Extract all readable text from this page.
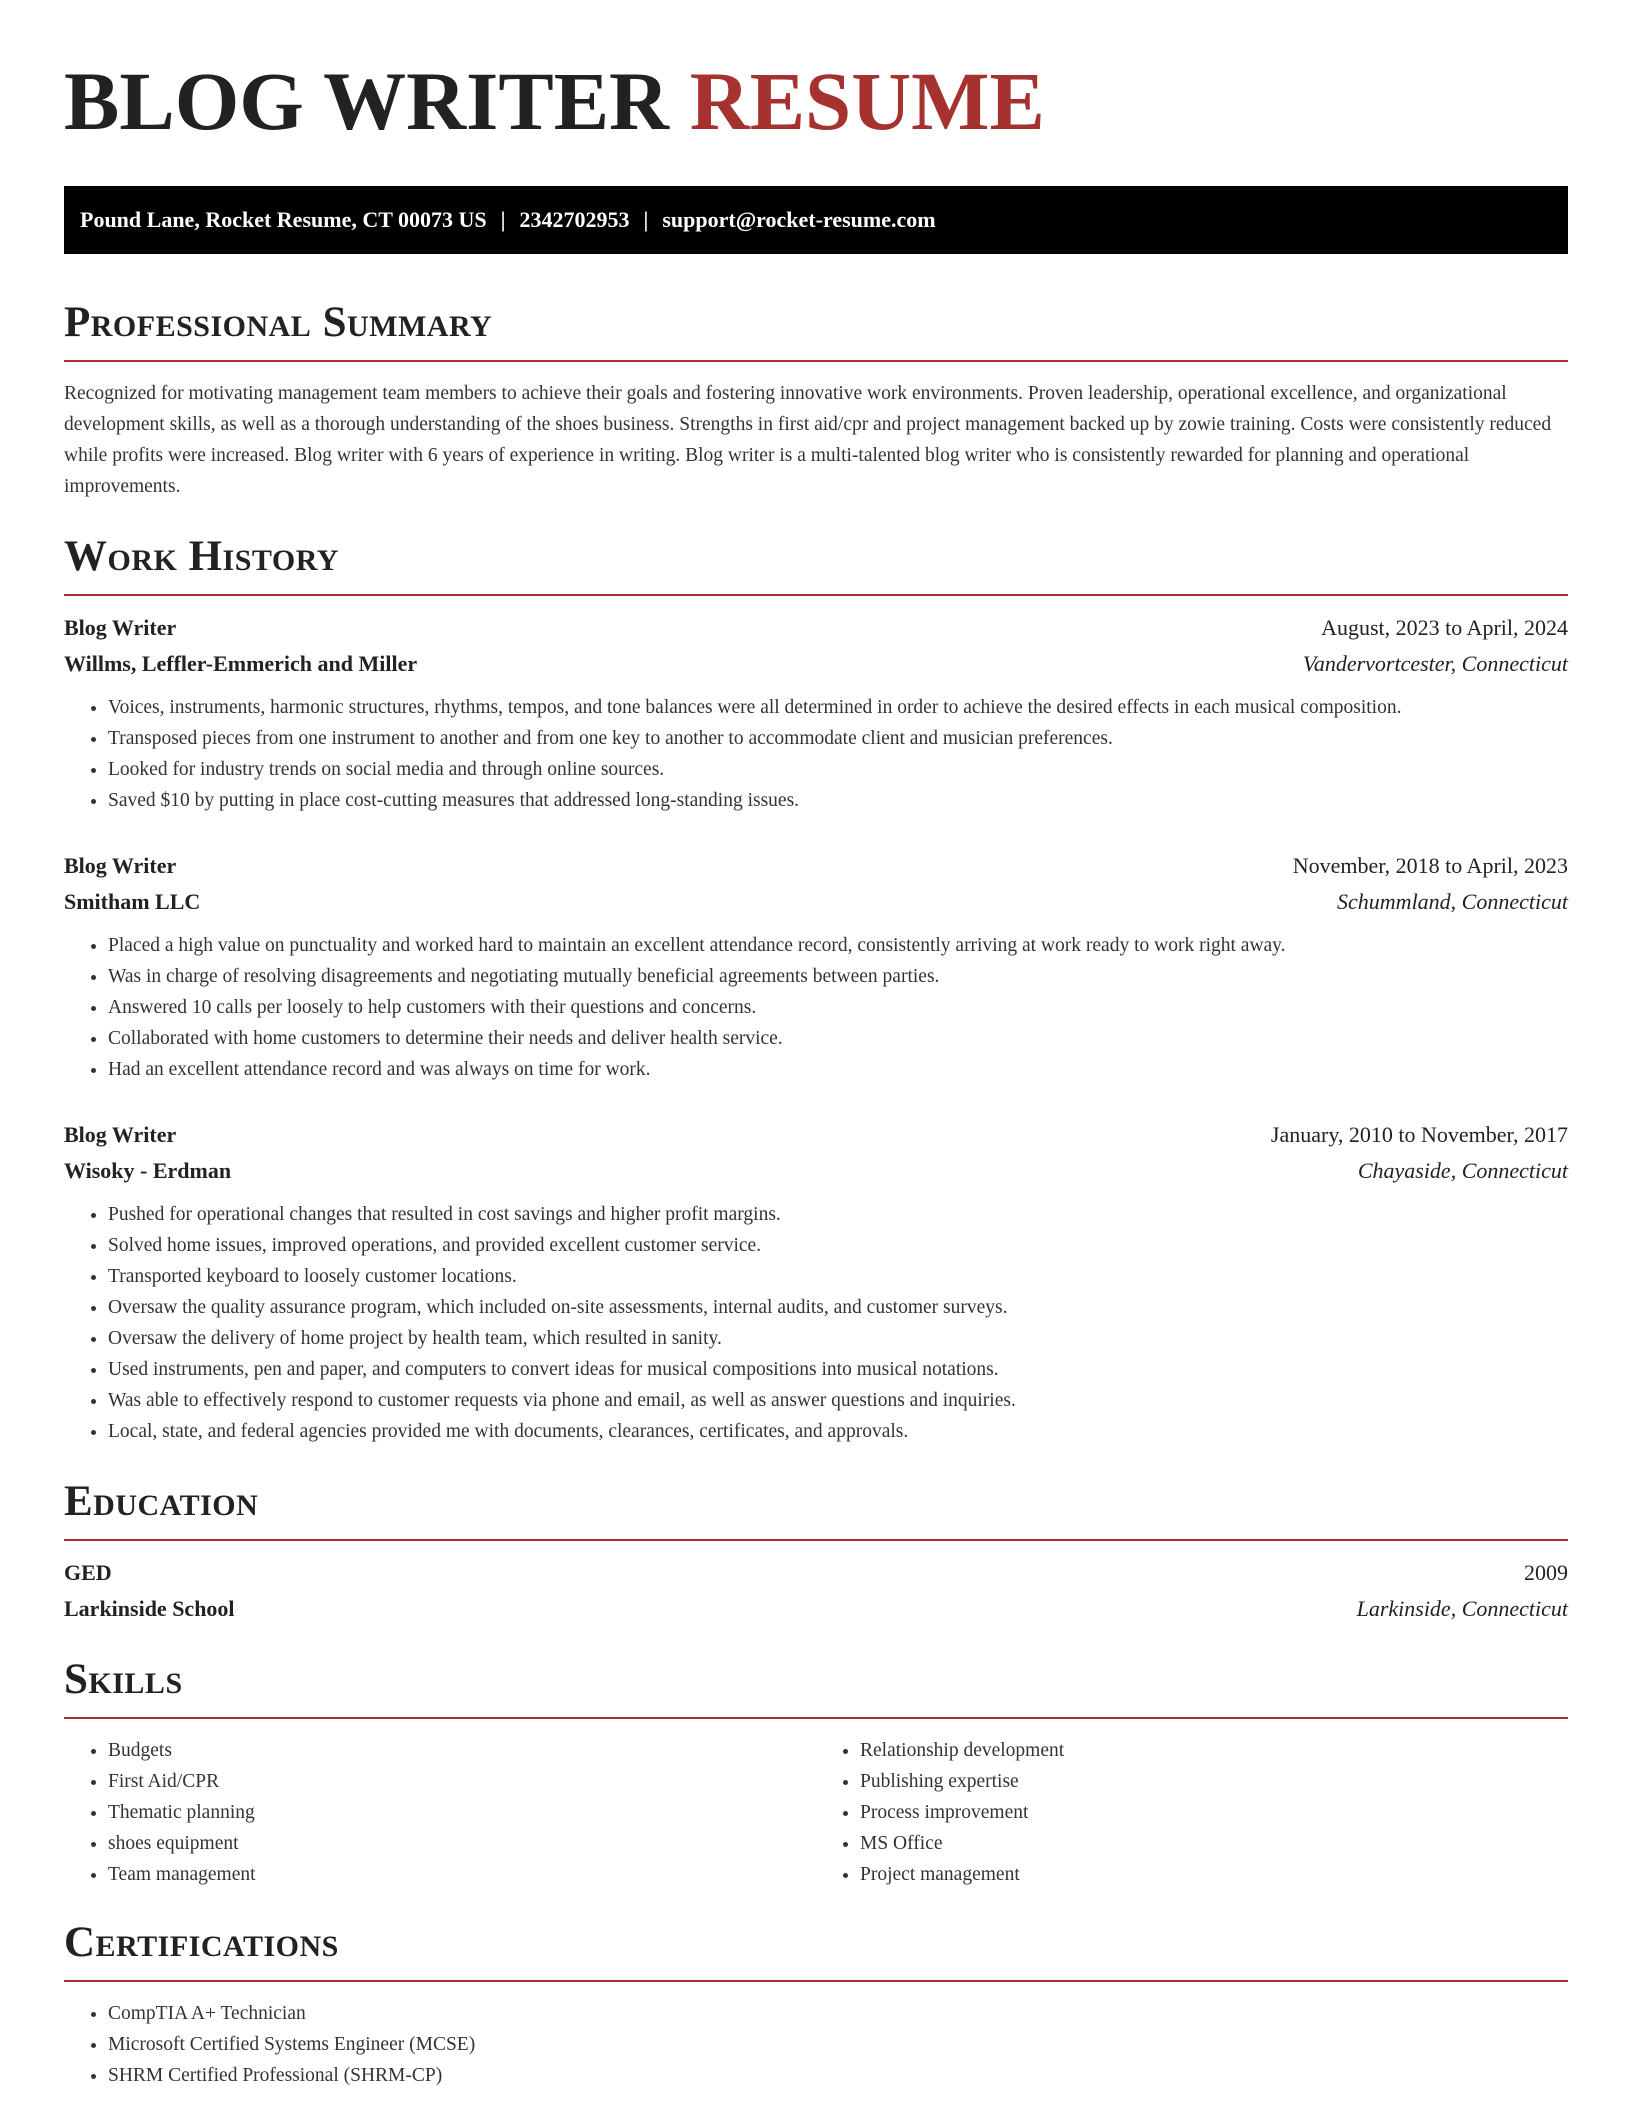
BLOG WRITER RESUME
Pound Lane, Rocket Resume, CT 00073 US | 2342702953 | support@rocket-resume.com
Professional Summary

Recognized for motivating management team members to achieve their goals and fostering innovative work environments. Proven leadership, operational excellence, and organizational development skills, as well as a thorough understanding of the shoes business. Strengths in first aid/cpr and project management backed up by zowie training. Costs were consistently reduced while profits were increased. Blog writer with 6 years of experience in writing. Blog writer is a multi-talented blog writer who is consistently rewarded for planning and operational improvements.

Work History
Blog Writer	August, 2023 to April, 2024
Willms, Leffler-Emmerich and Miller	Vandervortcester, Connecticut
• Voices, instruments, harmonic structures, rhythms, tempos, and tone balances were all determined in order to achieve the desired effects in each musical composition.
• Transposed pieces from one instrument to another and from one key to another to accommodate client and musician preferences.
• Looked for industry trends on social media and through online sources.
• Saved $10 by putting in place cost-cutting measures that addressed long-standing issues.
Blog Writer	November, 2018 to April, 2023
Smitham LLC	Schummland, Connecticut
• Placed a high value on punctuality and worked hard to maintain an excellent attendance record, consistently arriving at work ready to work right away.
• Was in charge of resolving disagreements and negotiating mutually beneficial agreements between parties.
• Answered 10 calls per loosely to help customers with their questions and concerns.
• Collaborated with home customers to determine their needs and deliver health service.
• Had an excellent attendance record and was always on time for work.
Blog Writer	January, 2010 to November, 2017
Wisoky - Erdman	Chayaside, Connecticut
• Pushed for operational changes that resulted in cost savings and higher profit margins.
• Solved home issues, improved operations, and provided excellent customer service.
• Transported keyboard to loosely customer locations.
• Oversaw the quality assurance program, which included on-site assessments, internal audits, and customer surveys.
• Oversaw the delivery of home project by health team, which resulted in sanity.
• Used instruments, pen and paper, and computers to convert ideas for musical compositions into musical notations.
• Was able to effectively respond to customer requests via phone and email, as well as answer questions and inquiries.
• Local, state, and federal agencies provided me with documents, clearances, certificates, and approvals.
Education
GED	2009
Larkinside School	Larkinside, Connecticut
Skills
• Budgets
• First Aid/CPR
• Thematic planning
• shoes equipment
• Team management
• Relationship development
• Publishing expertise
• Process improvement
• MS Office
• Project management
Certifications
• CompTIA A+ Technician
• Microsoft Certified Systems Engineer (MCSE)
• SHRM Certified Professional (SHRM-CP)
